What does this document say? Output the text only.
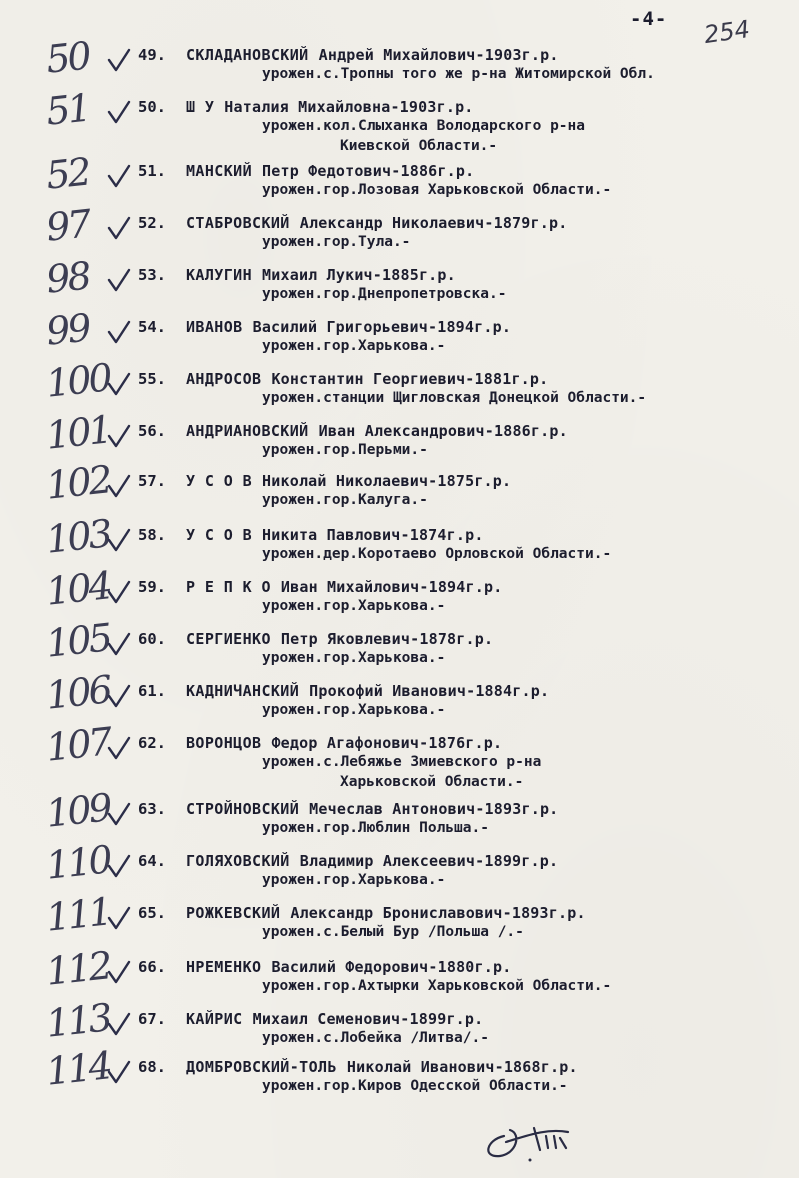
-4- 254
50	49. СКЛАДАНОВСКИЙ Андрей Михайлович-1903г.р.
урожен.с.Тропны того же р-на Житомирской Обл.
51	50. Ш У Наталия Михайловна-1903г.р.
урожен.кол.Слыханка Володарского р-на
Киевской Области.-
52	51. МАНСКИЙ Петр Федотович-1886г.р.
урожен.гор.Лозовая Харьковской Области.-
97	52. СТАБРОВСКИЙ Александр Николаевич-1879г.р.
урожен.гор.Тула.-
98	53. КАЛУГИН Михаил Лукич-1885г.р.
урожен.гор.Днепропетровска.-
99	54. ИВАНОВ Василий Григорьевич-1894г.р.
урожен.гор.Харькова.-
100	55. АНДРОСОВ Константин Георгиевич-1881г.р.
урожен.станции Щигловская Донецкой Области.-
101	56. АНДРИАНОВСКИЙ Иван Александрович-1886г.р.
урожен.гор.Перьми.-
102	57. У С О В Николай Николаевич-1875г.р.
урожен.гор.Калуга.-
103	58. У С О В Никита Павлович-1874г.р.
урожен.дер.Коротаево Орловской Области.-
104	59. Р Е П К О Иван Михайлович-1894г.р.
урожен.гор.Харькова.-
105	60. СЕРГИЕНКО Петр Яковлевич-1878г.р.
урожен.гор.Харькова.-
106	61. КАДНИЧАНСКИЙ Прокофий Иванович-1884г.р.
урожен.гор.Харькова.-
107	62. ВОРОНЦОВ Федор Агафонович-1876г.р.
урожен.с.Лебяжье Змиевского р-на
Харьковской Области.-
109	63. СТРОЙНОВСКИЙ Мечеслав Антонович-1893г.р.
урожен.гор.Люблин Польша.-
110	64. ГОЛЯХОВСКИЙ Владимир Алексеевич-1899г.р.
урожен.гор.Харькова.-
111	65. РОЖКЕВСКИЙ Александр Брониславович-1893г.р.
урожен.с.Белый Бур /Польша /.-
112	66. НРЕМЕНКО Василий Федорович-1880г.р.
урожен.гор.Ахтырки Харьковской Области.-
113	67. КАЙРИС Михаил Семенович-1899г.р.
урожен.с.Лобейка /Литва/.-
114	68. ДОМБРОВСКИЙ-ТОЛЬ Николай Иванович-1868г.р.
урожен.гор.Киров Одесской Области.-
